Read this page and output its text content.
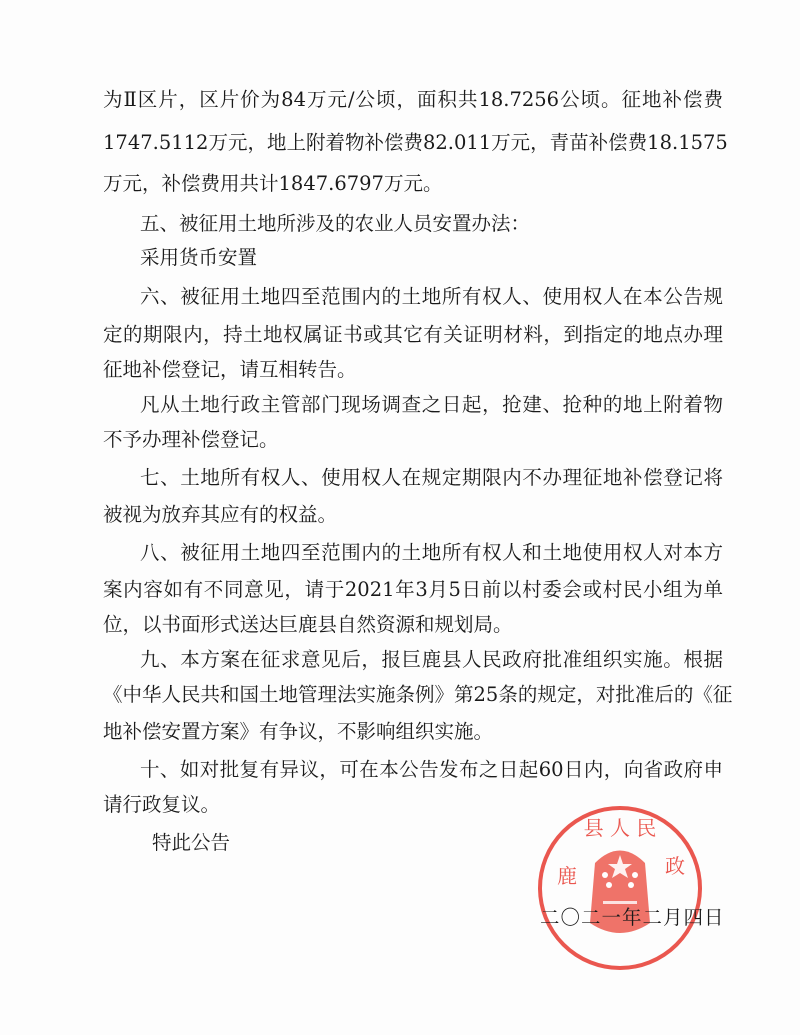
为Ⅱ区片，区片价为84万元/公顷，面积共18.7256公顷。征地补偿费
1747.5112万元，地上附着物补偿费82.011万元，青苗补偿费18.1575
万元，补偿费用共计1847.6797万元。
五、被征用土地所涉及的农业人员安置办法：
采用货币安置
六、被征用土地四至范围内的土地所有权人、使用权人在本公告规
定的期限内，持土地权属证书或其它有关证明材料，到指定的地点办理
征地补偿登记，请互相转告。
凡从土地行政主管部门现场调查之日起，抢建、抢种的地上附着物
不予办理补偿登记。
七、土地所有权人、使用权人在规定期限内不办理征地补偿登记将
被视为放弃其应有的权益。
八、被征用土地四至范围内的土地所有权人和土地使用权人对本方
案内容如有不同意见，请于2021年3月5日前以村委会或村民小组为单
位，以书面形式送达巨鹿县自然资源和规划局。
九、本方案在征求意见后，报巨鹿县人民政府批准组织实施。根据
《中华人民共和国土地管理法实施条例》第25条的规定，对批准后的《征
地补偿安置方案》有争议，不影响组织实施。
十、如对批复有异议，可在本公告发布之日起60日内，向省政府申
请行政复议。
特此公告
县 人 民
鹿	政
二〇二一年二月四日
